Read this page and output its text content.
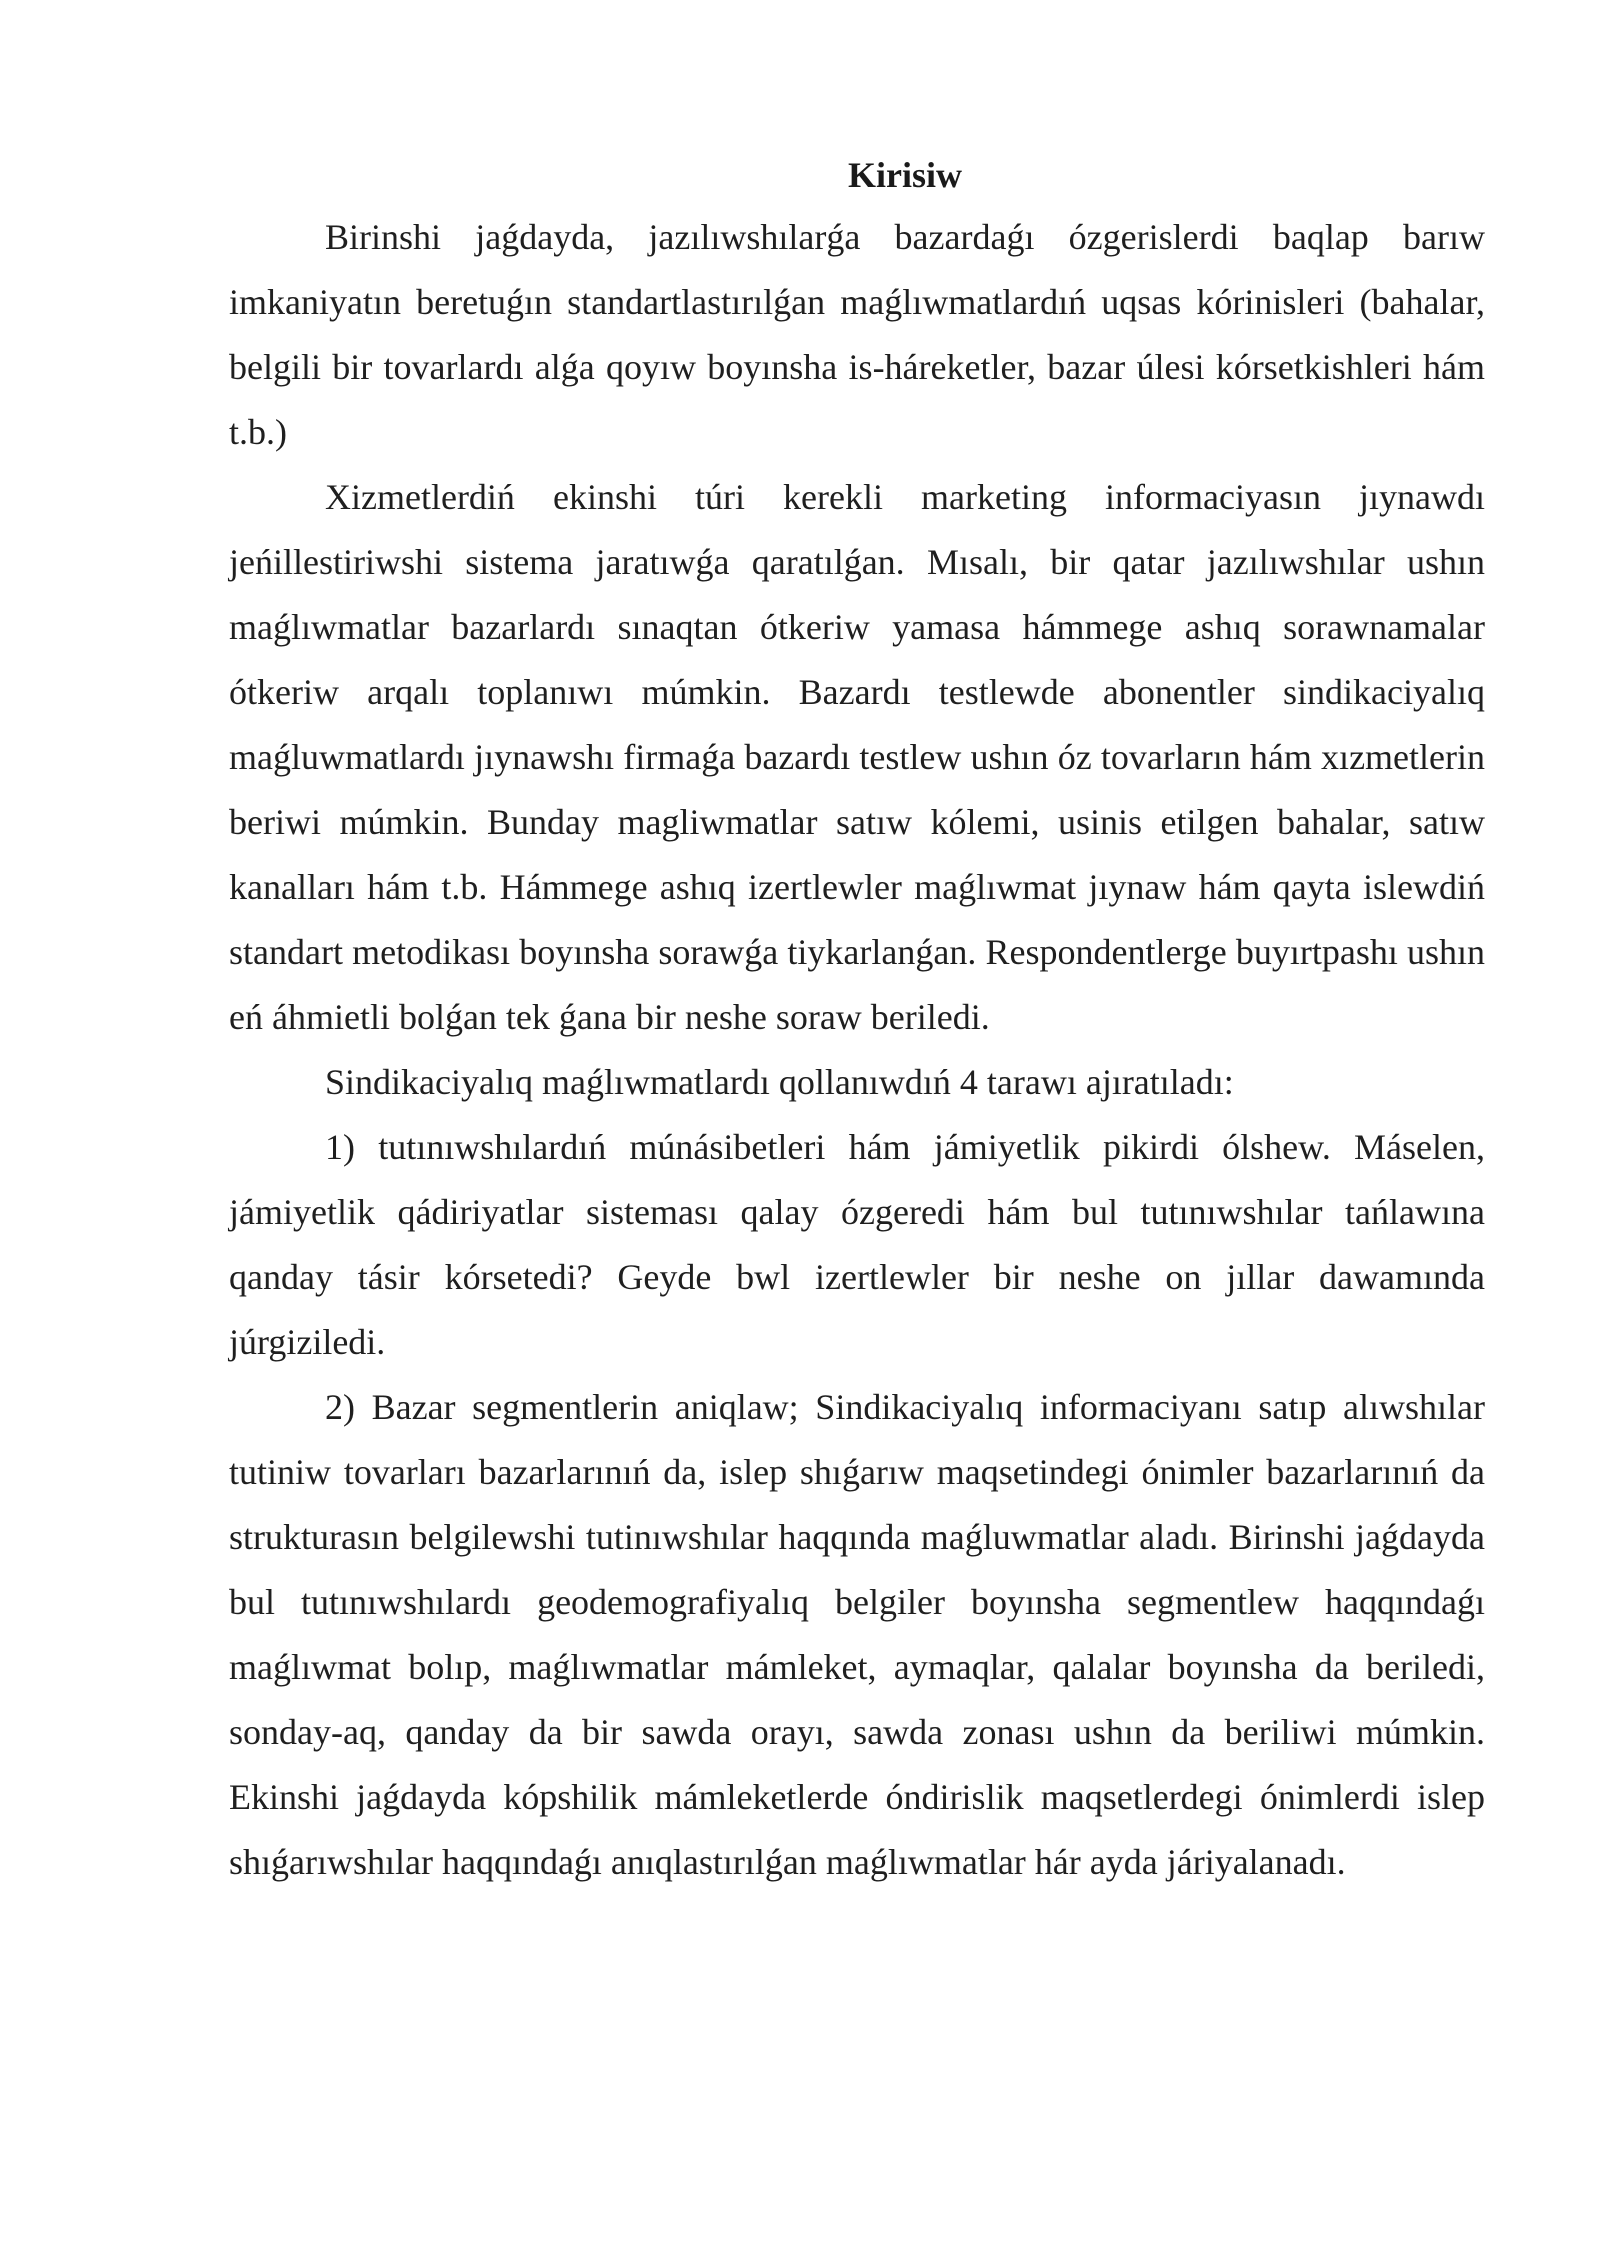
Kirisiw

Birinshi jaǵdayda, jazılıwshılarǵa bazardaǵı ózgerislerdi baqlap barıw imkaniyatın beretuǵın standartlastırılǵan maǵlıwmatlardıń uqsas kórinisleri (bahalar, belgili bir tovarlardı alǵa qoyıw boyınsha is-háreketler, bazar úlesi kórsetkishleri hám t.b.)

Xizmetlerdiń ekinshi túri kerekli marketing informaciyasın jıynawdı jeńillestiriwshi sistema jaratıwǵa qaratılǵan. Mısalı, bir qatar jazılıwshılar ushın maǵlıwmatlar bazarlardı sınaqtan ótkeriw yamasa hámmege ashıq sorawnamalar ótkeriw arqalı toplanıwı múmkin. Bazardı testlewde abonentler sindikaciyalıq maǵluwmatlardı jıynawshı firmaǵa bazardı testlew ushın óz tovarların hám xızmetlerin beriwi múmkin. Bunday magliwmatlar satıw kólemi, usinis etilgen bahalar, satıw kanalları hám t.b. Hámmege ashıq izertlewler maǵlıwmat jıynaw hám qayta islewdiń standart metodikası boyınsha sorawǵa tiykarlanǵan. Respondentlerge buyırtpashı ushın eń áhmietli bolǵan tek ǵana bir neshe soraw beriledi.

Sindikaciyalıq maǵlıwmatlardı qollanıwdıń 4 tarawı ajıratıladı:

1) tutınıwshılardıń múnásibetleri hám jámiyetlik pikirdi ólshew. Máselen, jámiyetlik qádiriyatlar sisteması qalay ózgeredi hám bul tutınıwshılar tańlawına qanday tásir kórsetedi? Geyde bwl izertlewler bir neshe on jıllar dawamında júrgiziledi.

2) Bazar segmentlerin aniqlaw; Sindikaciyalıq informaciyanı satıp alıwshılar tutiniw tovarları bazarlarınıń da, islep shıǵarıw maqsetindegi ónimler bazarlarınıń da strukturasın belgilewshi tutinıwshılar haqqında maǵluwmatlar aladı. Birinshi jaǵdayda bul tutınıwshılardı geodemografiyalıq belgiler boyınsha segmentlew haqqındaǵı maǵlıwmat bolıp, maǵlıwmatlar mámleket, aymaqlar, qalalar boyınsha da beriledi, sonday-aq, qanday da bir sawda orayı, sawda zonası ushın da beriliwi múmkin. Ekinshi jaǵdayda kópshilik mámleketlerde óndirislik maqsetlerdegi ónimlerdi islep shıǵarıwshılar haqqındaǵı anıqlastırılǵan maǵlıwmatlar hár ayda járiyalanadı.
